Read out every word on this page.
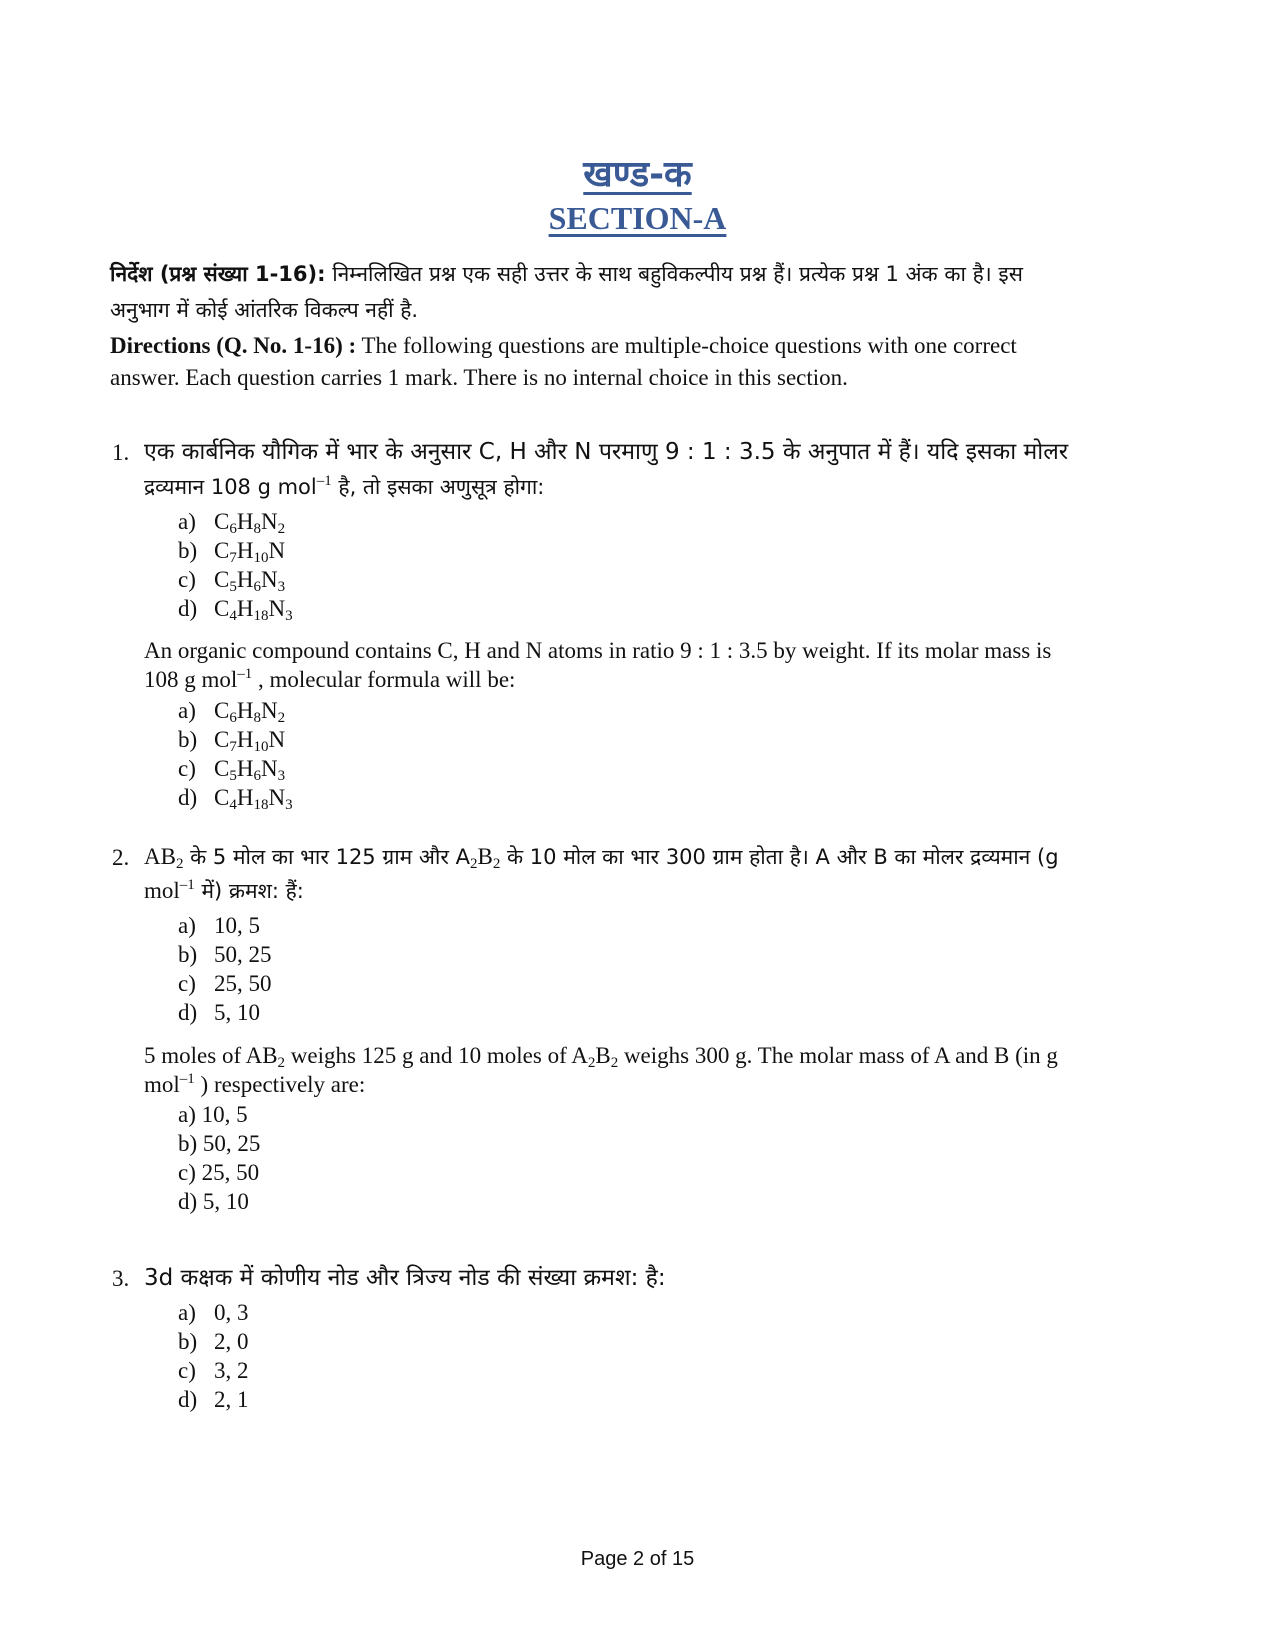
खण्ड-क
SECTION-A
निर्देश (प्रश्न संख्या 1-16): निम्नलिखित प्रश्न एक सही उत्तर के साथ बहुविकल्पीय प्रश्न हैं। प्रत्येक प्रश्न 1 अंक का है। इस
अनुभाग में कोई आंतरिक विकल्प नहीं है.
Directions (Q. No. 1-16) : The following questions are multiple-choice questions with one correct
answer. Each question carries 1 mark. There is no internal choice in this section.
1. एक कार्बनिक यौगिक में भार के अनुसार C, H और N परमाणु 9 : 1 : 3.5 के अनुपात में हैं। यदि इसका मोलर
द्रव्यमान 108 g mol$^{-1}$ है, तो इसका अणुसूत्र होगा:
a) $C_6H_8N_2$
b) $C_7H_{10}N$
c) $C_5H_6N_3$
d) $C_4H_{18}N_3$
An organic compound contains C, H and N atoms in ratio 9 : 1 : 3.5 by weight. If its molar mass is
108 g mol$^{-1}$ , molecular formula will be:
a) $C_6H_8N_2$
b) $C_7H_{10}N$
c) $C_5H_6N_3$
d) $C_4H_{18}N_3$
2. $AB_2$ के 5 मोल का भार 125 ग्राम और $A_2B_2$ के 10 मोल का भार 300 ग्राम होता है। A और B का मोलर द्रव्यमान (g
mol$^{-1}$ में) क्रमश: हैं:
a) 10, 5
b) 50, 25
c) 25, 50
d) 5, 10
5 moles of $AB_2$ weighs 125 g and 10 moles of $A_2B_2$ weighs 300 g. The molar mass of A and B (in g
mol$^{-1}$ ) respectively are:
a) 10, 5
b) 50, 25
c) 25, 50
d) 5, 10
3. 3d कक्षक में कोणीय नोड और त्रिज्य नोड की संख्या क्रमश: है:
a) 0, 3
b) 2, 0
c) 3, 2
d) 2, 1
Page 2 of 15
